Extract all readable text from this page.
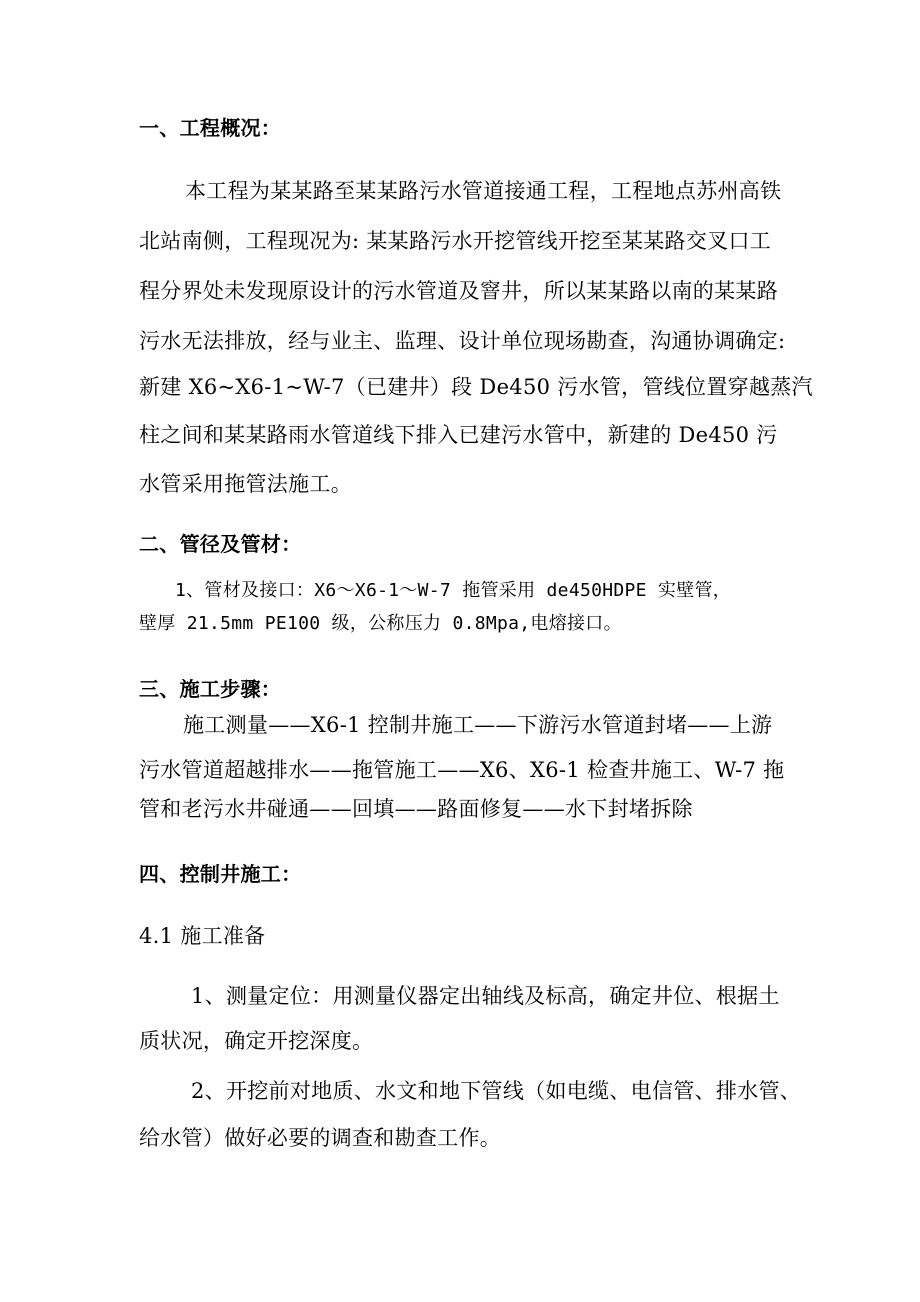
一、工程概况：
本工程为某某路至某某路污水管道接通工程，工程地点苏州高铁
北站南侧，工程现况为: 某某路污水开挖管线开挖至某某路交叉口工
程分界处未发现原设计的污水管道及窨井，所以某某路以南的某某路
污水无法排放，经与业主、监理、设计单位现场勘查，沟通协调确定:
新建 X6~X6-1~W-7（已建井）段 De450 污水管，管线位置穿越蒸汽
柱之间和某某路雨水管道线下排入已建污水管中，新建的 De450 污
水管采用拖管法施工。
二、管径及管材：
1、管材及接口：X6～X6-1～W-7 拖管采用 de450HDPE 实壁管，
壁厚 21.5mm PE100 级，公称压力 0.8Mpa,电熔接口。
三、施工步骤：
施工测量——X6-1 控制井施工——下游污水管道封堵——上游
污水管道超越排水——拖管施工——X6、X6-1 检查井施工、W-7 拖
管和老污水井碰通——回填——路面修复——水下封堵拆除
四、控制井施工：
4.1 施工准备
1、测量定位：用测量仪器定出轴线及标高，确定井位、根据土
质状况，确定开挖深度。
2、开挖前对地质、水文和地下管线（如电缆、电信管、排水管、
给水管）做好必要的调查和勘查工作。
